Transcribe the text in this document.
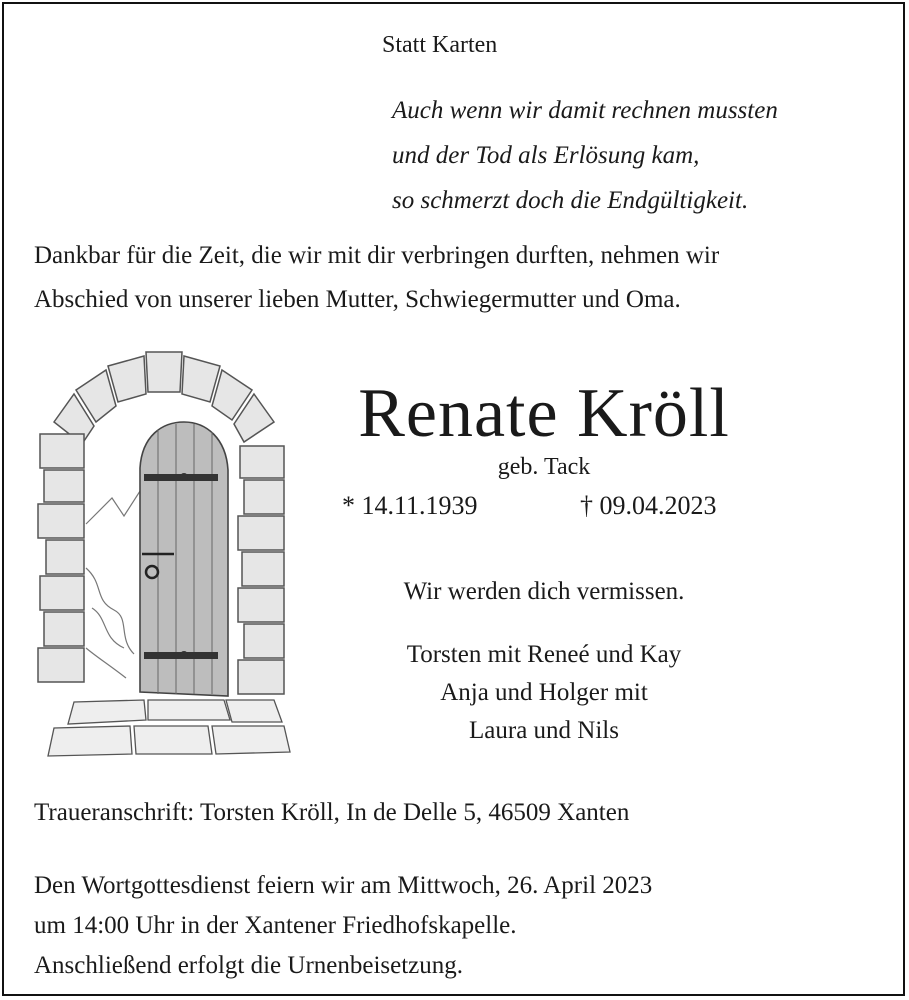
Statt Karten
Auch wenn wir damit rechnen mussten
und der Tod als Erlösung kam,
so schmerzt doch die Endgültigkeit.
Dankbar für die Zeit, die wir mit dir verbringen durften, nehmen wir
Abschied von unserer lieben Mutter, Schwiegermutter und Oma.
Renate Kröll
geb. Tack
* 14.11.1939	† 09.04.2023
Wir werden dich vermissen.
Torsten mit Reneé und Kay
Anja und Holger mit
Laura und Nils
Traueranschrift: Torsten Kröll, In de Delle 5, 46509 Xanten
Den Wortgottesdienst feiern wir am Mittwoch, 26. April 2023
um 14:00 Uhr in der Xantener Friedhofskapelle.
Anschließend erfolgt die Urnenbeisetzung.
